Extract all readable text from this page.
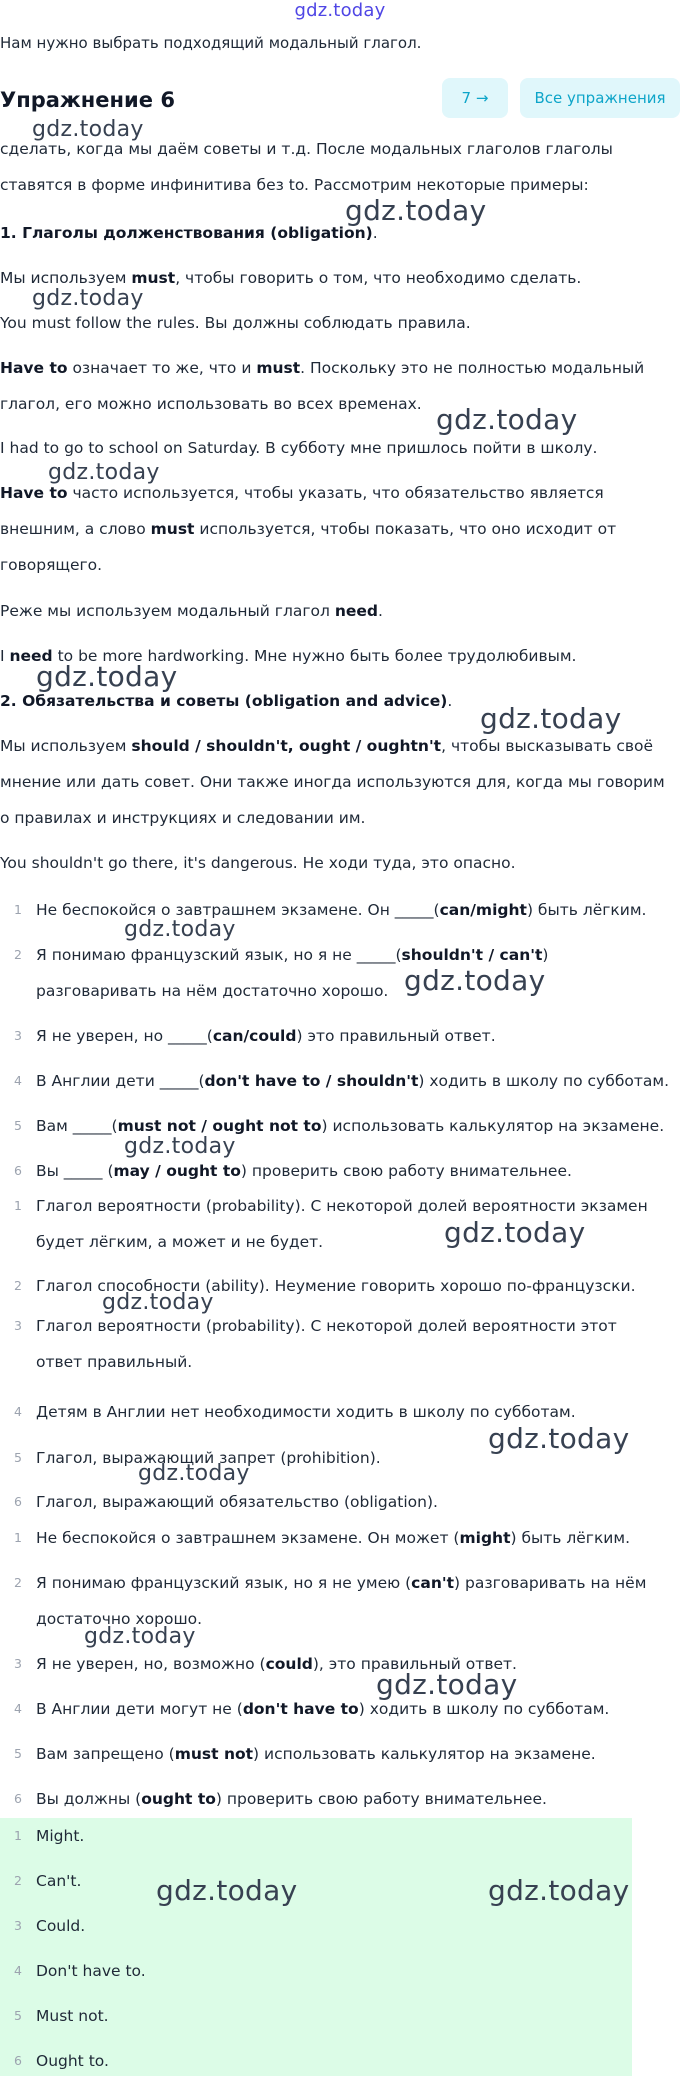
gdz.today
Нам нужно выбрать подходящий модальный глагол.
Упражнение 6	7 →	Все упражнения
сделать, когда мы даём советы и т.д. После модальных глаголов глаголы
ставятся в форме инфинитива без to. Рассмотрим некоторые примеры:
1. Глаголы долженствования (obligation).
Мы используем must, чтобы говорить о том, что необходимо сделать.
You must follow the rules. Вы должны соблюдать правила.
Have to означает то же, что и must. Поскольку это не полностью модальный
глагол, его можно использовать во всех временах.
I had to go to school on Saturday. В субботу мне пришлось пойти в школу.
Have to часто используется, чтобы указать, что обязательство является
внешним, а слово must используется, чтобы показать, что оно исходит от
говорящего.
Реже мы используем модальный глагол need.
I need to be more hardworking. Мне нужно быть более трудолюбивым.
2. Обязательства и советы (obligation and advice).
Мы используем should / shouldn't, ought / oughtn't, чтобы высказывать своё
мнение или дать совет. Они также иногда используются для, когда мы говорим
о правилах и инструкциях и следовании им.
You shouldn't go there, it's dangerous. Не ходи туда, это опасно.
1 Не беспокойся о завтрашнем экзамене. Он _____(can/might) быть лёгким.
2 Я понимаю французский язык, но я не _____(shouldn't / can't)
разговаривать на нём достаточно хорошо.
3 Я не уверен, но _____(can/could) это правильный ответ.
4 В Англии дети _____(don't have to / shouldn't) ходить в школу по субботам.
5 Вам _____(must not / ought not to) использовать калькулятор на экзамене.
6 Вы _____ (may / ought to) проверить свою работу внимательнее.
1 Глагол вероятности (probability). С некоторой долей вероятности экзамен
будет лёгким, а может и не будет.
2 Глагол способности (ability). Неумение говорить хорошо по-французски.
3 Глагол вероятности (probability). С некоторой долей вероятности этот
ответ правильный.
4 Детям в Англии нет необходимости ходить в школу по субботам.
5 Глагол, выражающий запрет (prohibition).
6 Глагол, выражающий обязательство (obligation).
1 Не беспокойся о завтрашнем экзамене. Он может (might) быть лёгким.
2 Я понимаю французский язык, но я не умею (can't) разговаривать на нём
достаточно хорошо.
3 Я не уверен, но, возможно (could), это правильный ответ.
4 В Англии дети могут не (don't have to) ходить в школу по субботам.
5 Вам запрещено (must not) использовать калькулятор на экзамене.
6 Вы должны (ought to) проверить свою работу внимательнее.
1 Might.
2 Can't.
3 Could.
4 Don't have to.
5 Must not.
6 Ought to.
gdz.today
gdz.today
gdz.today
gdz.today
gdz.today
gdz.today
gdz.today
gdz.today
gdz.today
gdz.today
gdz.today
gdz.today
gdz.today
gdz.today
gdz.today
gdz.today
gdz.today	gdz.today
